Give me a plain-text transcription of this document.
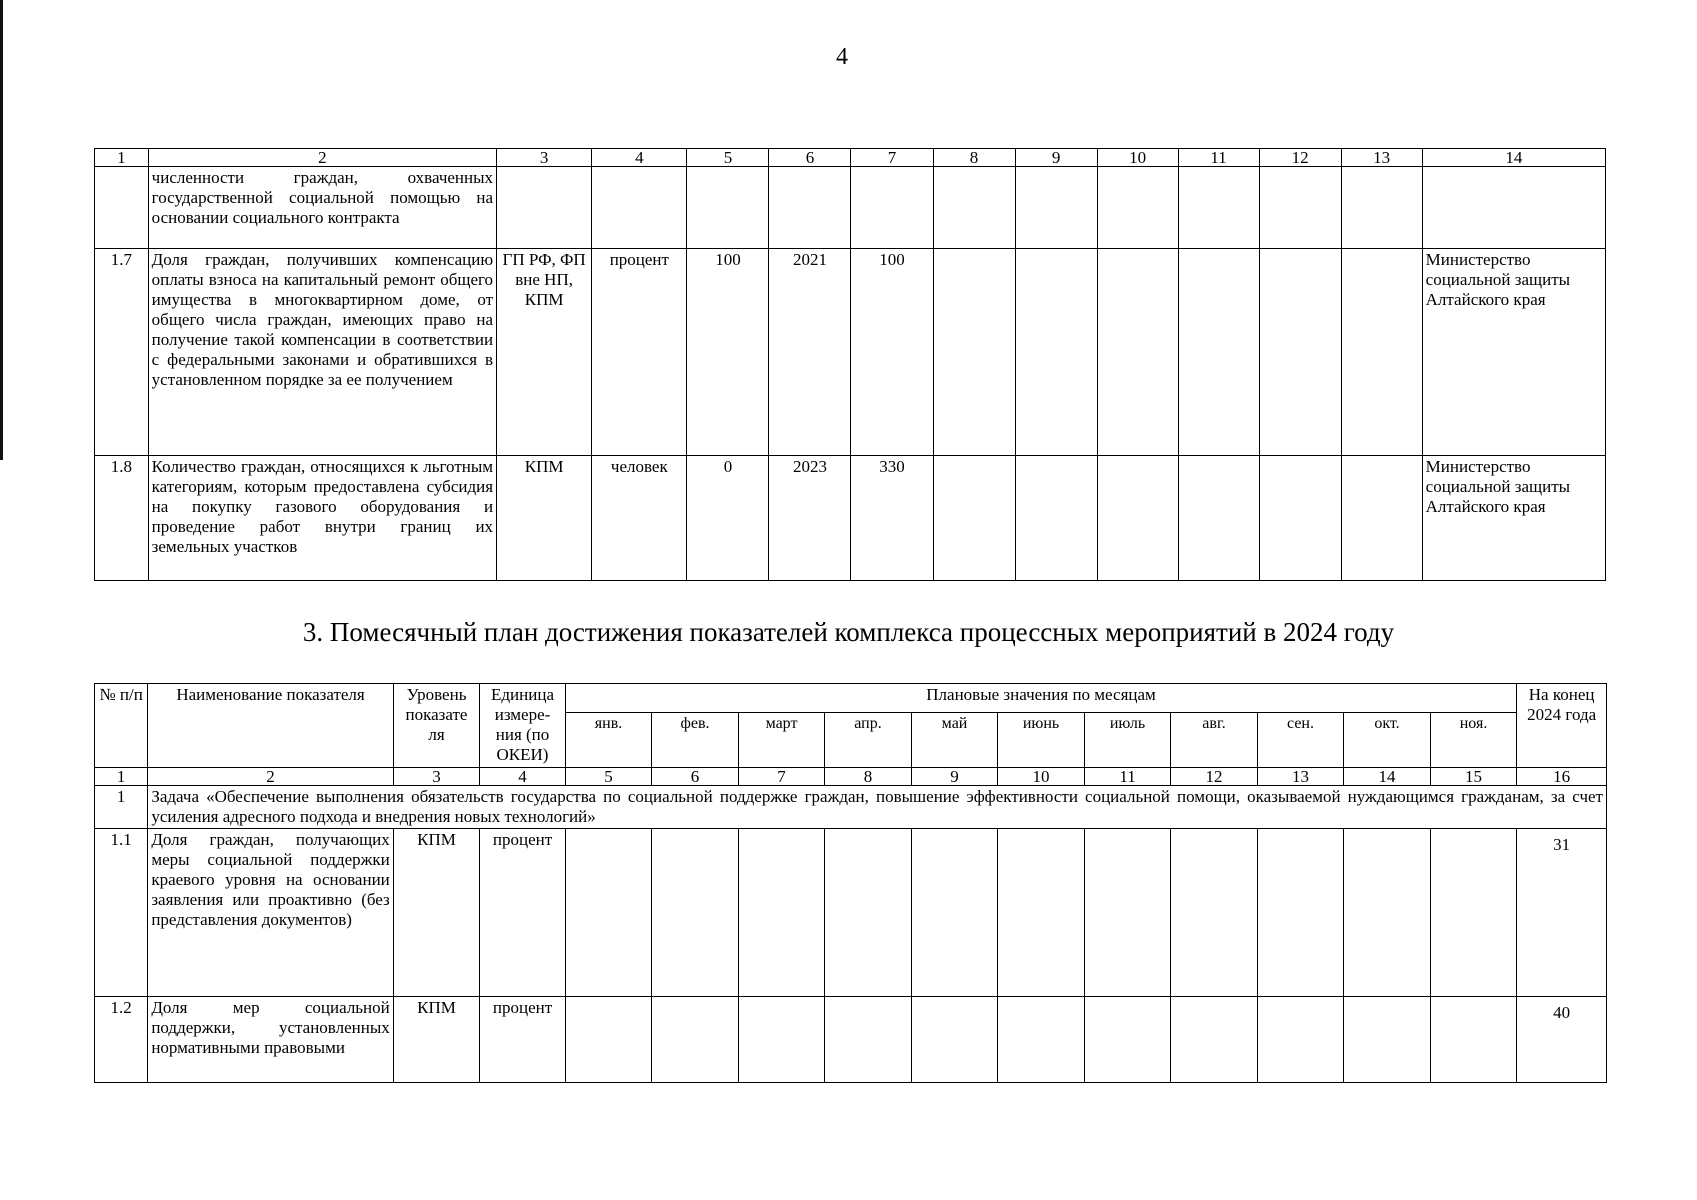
4
1	2	3	4	5	6	7	8	9	10	11	12	13	14
	численности граждан, охваченных государственной социальной помощью на основании социального контракта												
1.7	Доля граждан, получивших компенсацию оплаты взноса на капитальный ремонт общего имущества в многоквартирном доме, от общего числа граждан, имеющих право на получение такой компенсации в соответствии с федеральными законами и обратившихся в установленном порядке за ее получением	ГП РФ, ФП вне НП, КПМ	процент	100	2021	100							Министерство социальной защиты Алтайского края
1.8	Количество граждан, относящихся к льготным категориям, которым предоставлена субсидия на покупку газового оборудования и проведение работ внутри границ их земельных участков	КПМ	человек	0	2023	330							Министерство социальной защиты Алтайского края
3. Помесячный план достижения показателей комплекса процессных мероприятий в 2024 году
№ п/п	Наименование показателя	Уровень показате ля	Единица измере- ния (по ОКЕИ)	Плановые значения по месяцам											На конец 2024 года
				янв.	фев.	март	апр.	май	июнь	июль	авг.	сен.	окт.	ноя.	
1	2	3	4	5	6	7	8	9	10	11	12	13	14	15	16
1	Задача «Обеспечение выполнения обязательств государства по социальной поддержке граждан, повышение эффективности социальной помощи, оказываемой нуждающимся гражданам, за счет усиления адресного подхода и внедрения новых технологий»														
1.1	Доля граждан, получающих меры социальной поддержки краевого уровня на основании заявления или проактивно (без представления документов)	КПМ	процент												31
1.2	Доля мер социальной поддержки, установленных нормативными правовыми	КПМ	процент												40
